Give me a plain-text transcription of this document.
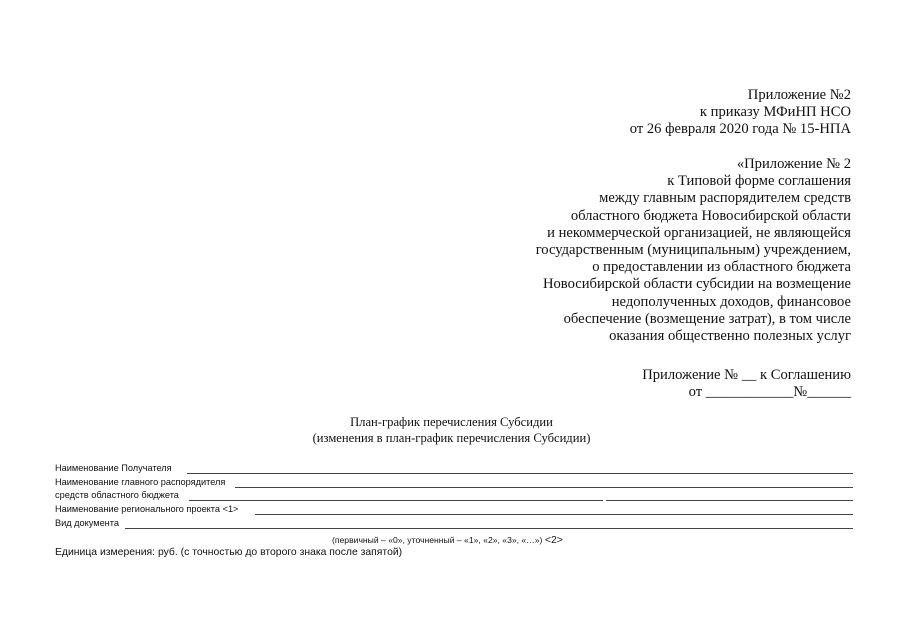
Приложение №2
к приказу МФиНП НСО
от 26 февраля 2020 года № 15-НПА
«Приложение № 2
к Типовой форме соглашения
между главным распорядителем средств
областного бюджета Новосибирской области
и некоммерческой организацией, не являющейся
государственным (муниципальным) учреждением,
о предоставлении из областного бюджета
Новосибирской области субсидии на возмещение
недополученных доходов, финансовое
обеспечение (возмещение затрат), в том числе
оказания общественно полезных услуг
Приложение № __ к Соглашению
от ____________№______
План-график перечисления Субсидии
(изменения в план-график перечисления Субсидии)
Наименование Получателя
Наименование главного распорядителя
средств областного бюджета
Наименование регионального проекта <1>
Вид документа
(первичный – «0», уточненный – «1», «2», «3», «…») <2>
Единица измерения: руб. (с точностью до второго знака после запятой)
